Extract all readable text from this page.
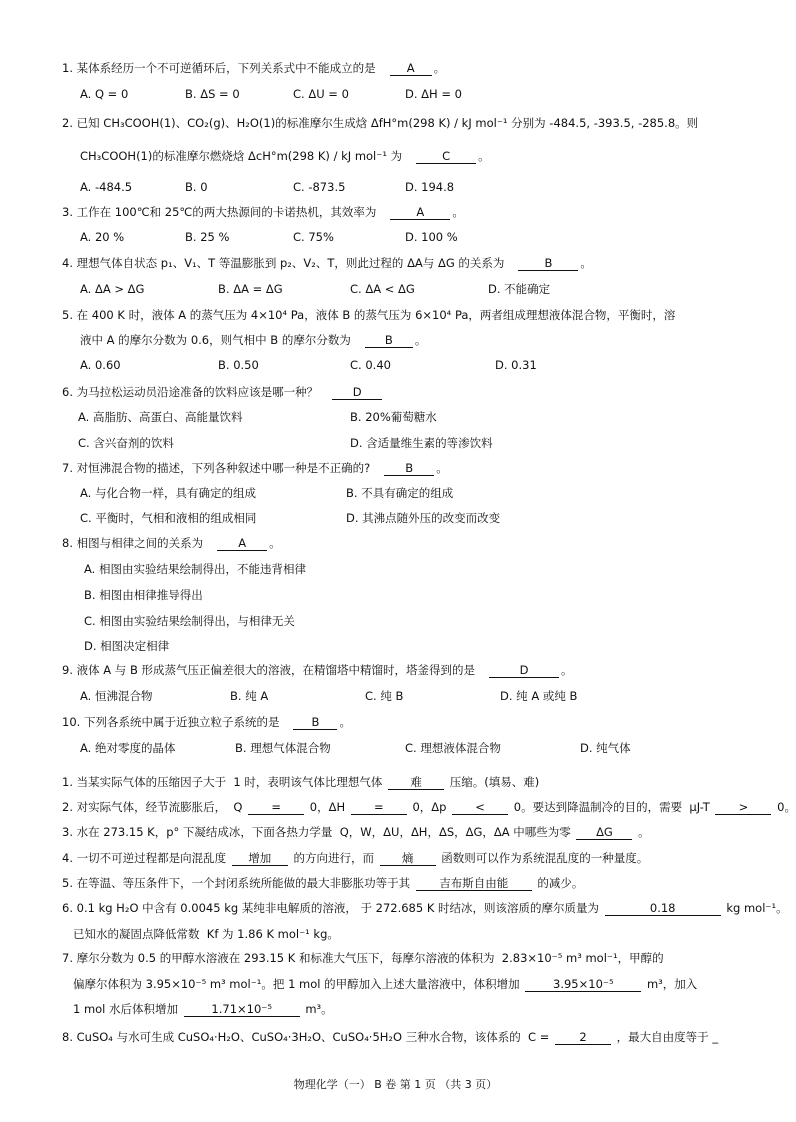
1. 某体系经历一个不可逆循环后，下列关系式中不能成立的是	A 。
A. Q = 0	B. ΔS = 0	C. ΔU = 0	D. ΔH = 0
2. 已知 CH₃COOH(1)、CO₂(g)、H₂O(1)的标准摩尔生成焓 ΔfH°m(298 K) / kJ mol⁻¹ 分别为 -484.5, -393.5, -285.8。则
CH₃COOH(1)的标准摩尔燃烧焓 ΔcH°m(298 K) / kJ mol⁻¹ 为	C 。
A. -484.5	B. 0	C. -873.5	D. 194.8
3. 工作在 100℃和 25℃的两大热源间的卡诺热机，其效率为	A 。
A. 20 %	B. 25 %	C. 75%	D. 100 %
4. 理想气体自状态 p₁、V₁、T 等温膨胀到 p₂、V₂、T，则此过程的 ΔA与 ΔG 的关系为	B 。
A. ΔA > ΔG	B. ΔA = ΔG	C. ΔA < ΔG	D. 不能确定
5. 在 400 K 时，液体 A 的蒸气压为 4×10⁴ Pa，液体 B 的蒸气压为 6×10⁴ Pa，两者组成理想液体混合物，平衡时，溶
液中 A 的摩尔分数为 0.6，则气相中 B 的摩尔分数为	B 。
A. 0.60	B. 0.50	C. 0.40	D. 0.31
6. 为马拉松运动员沿途准备的饮料应该是哪一种？	D
A. 高脂肪、高蛋白、高能量饮料	B. 20%葡萄糖水
C. 含兴奋剂的饮料	D. 含适量维生素的等渗饮料
7. 对恒沸混合物的描述，下列各种叙述中哪一种是不正确的?	B 。
A. 与化合物一样，具有确定的组成	B. 不具有确定的组成
C. 平衡时，气相和液相的组成相同	D. 其沸点随外压的改变而改变
8. 相图与相律之间的关系为	A 。
A. 相图由实验结果绘制得出，不能违背相律
B. 相图由相律推导得出
C. 相图由实验结果绘制得出，与相律无关
D. 相图决定相律
9. 液体 A 与 B 形成蒸气压正偏差很大的溶液，在精馏塔中精馏时，塔釜得到的是	D	。
A. 恒沸混合物	B. 纯 A	C. 纯 B	D. 纯 A 或纯 B
10. 下列各系统中属于近独立粒子系统的是	B 。
A. 绝对零度的晶体	B. 理想气体混合物	C. 理想液体混合物	D. 纯气体
1. 当某实际气体的压缩因子大于  1 时，表明该气体比理想气体 难 压缩。(填易、难)
2. 对实际气体，经节流膨胀后，  Q = 0，ΔH = 0，Δp < 0。要达到降温制冷的目的，需要  μJ-T > 0。
3. 水在 273.15 K，p° 下凝结成冰，下面各热力学量  Q，W，ΔU，ΔH，ΔS，ΔG，ΔA 中哪些为零 ΔG 。
4. 一切不可逆过程都是向混乱度 增加 的方向进行，而 熵 函数则可以作为系统混乱度的一种量度。
5. 在等温、等压条件下，一个封闭系统所能做的最大非膨胀功等于其 吉布斯自由能 的减少。
6. 0.1 kg H₂O 中含有 0.0045 kg 某纯非电解质的溶液， 于 272.685 K 时结冰，则该溶质的摩尔质量为	0.18	kg mol⁻¹。
已知水的凝固点降低常数  Kf 为 1.86 K mol⁻¹ kg。
7. 摩尔分数为 0.5 的甲醇水溶液在 293.15 K 和标准大气压下，每摩尔溶液的体积为  2.83×10⁻⁵ m³ mol⁻¹，甲醇的
偏摩尔体积为 3.95×10⁻⁵ m³ mol⁻¹。把 1 mol 的甲醇加入上述大量溶液中，体积增加	3.95×10⁻⁵	m³，加入
1 mol 水后体积增加	1.71×10⁻⁵	m³。
8. CuSO₄ 与水可生成 CuSO₄·H₂O、CuSO₄·3H₂O、CuSO₄·5H₂O 三种水合物，该体系的  C = 2 ，最大自由度等于 _
物理化学（一） B 卷 第 1 页 （共 3 页）
